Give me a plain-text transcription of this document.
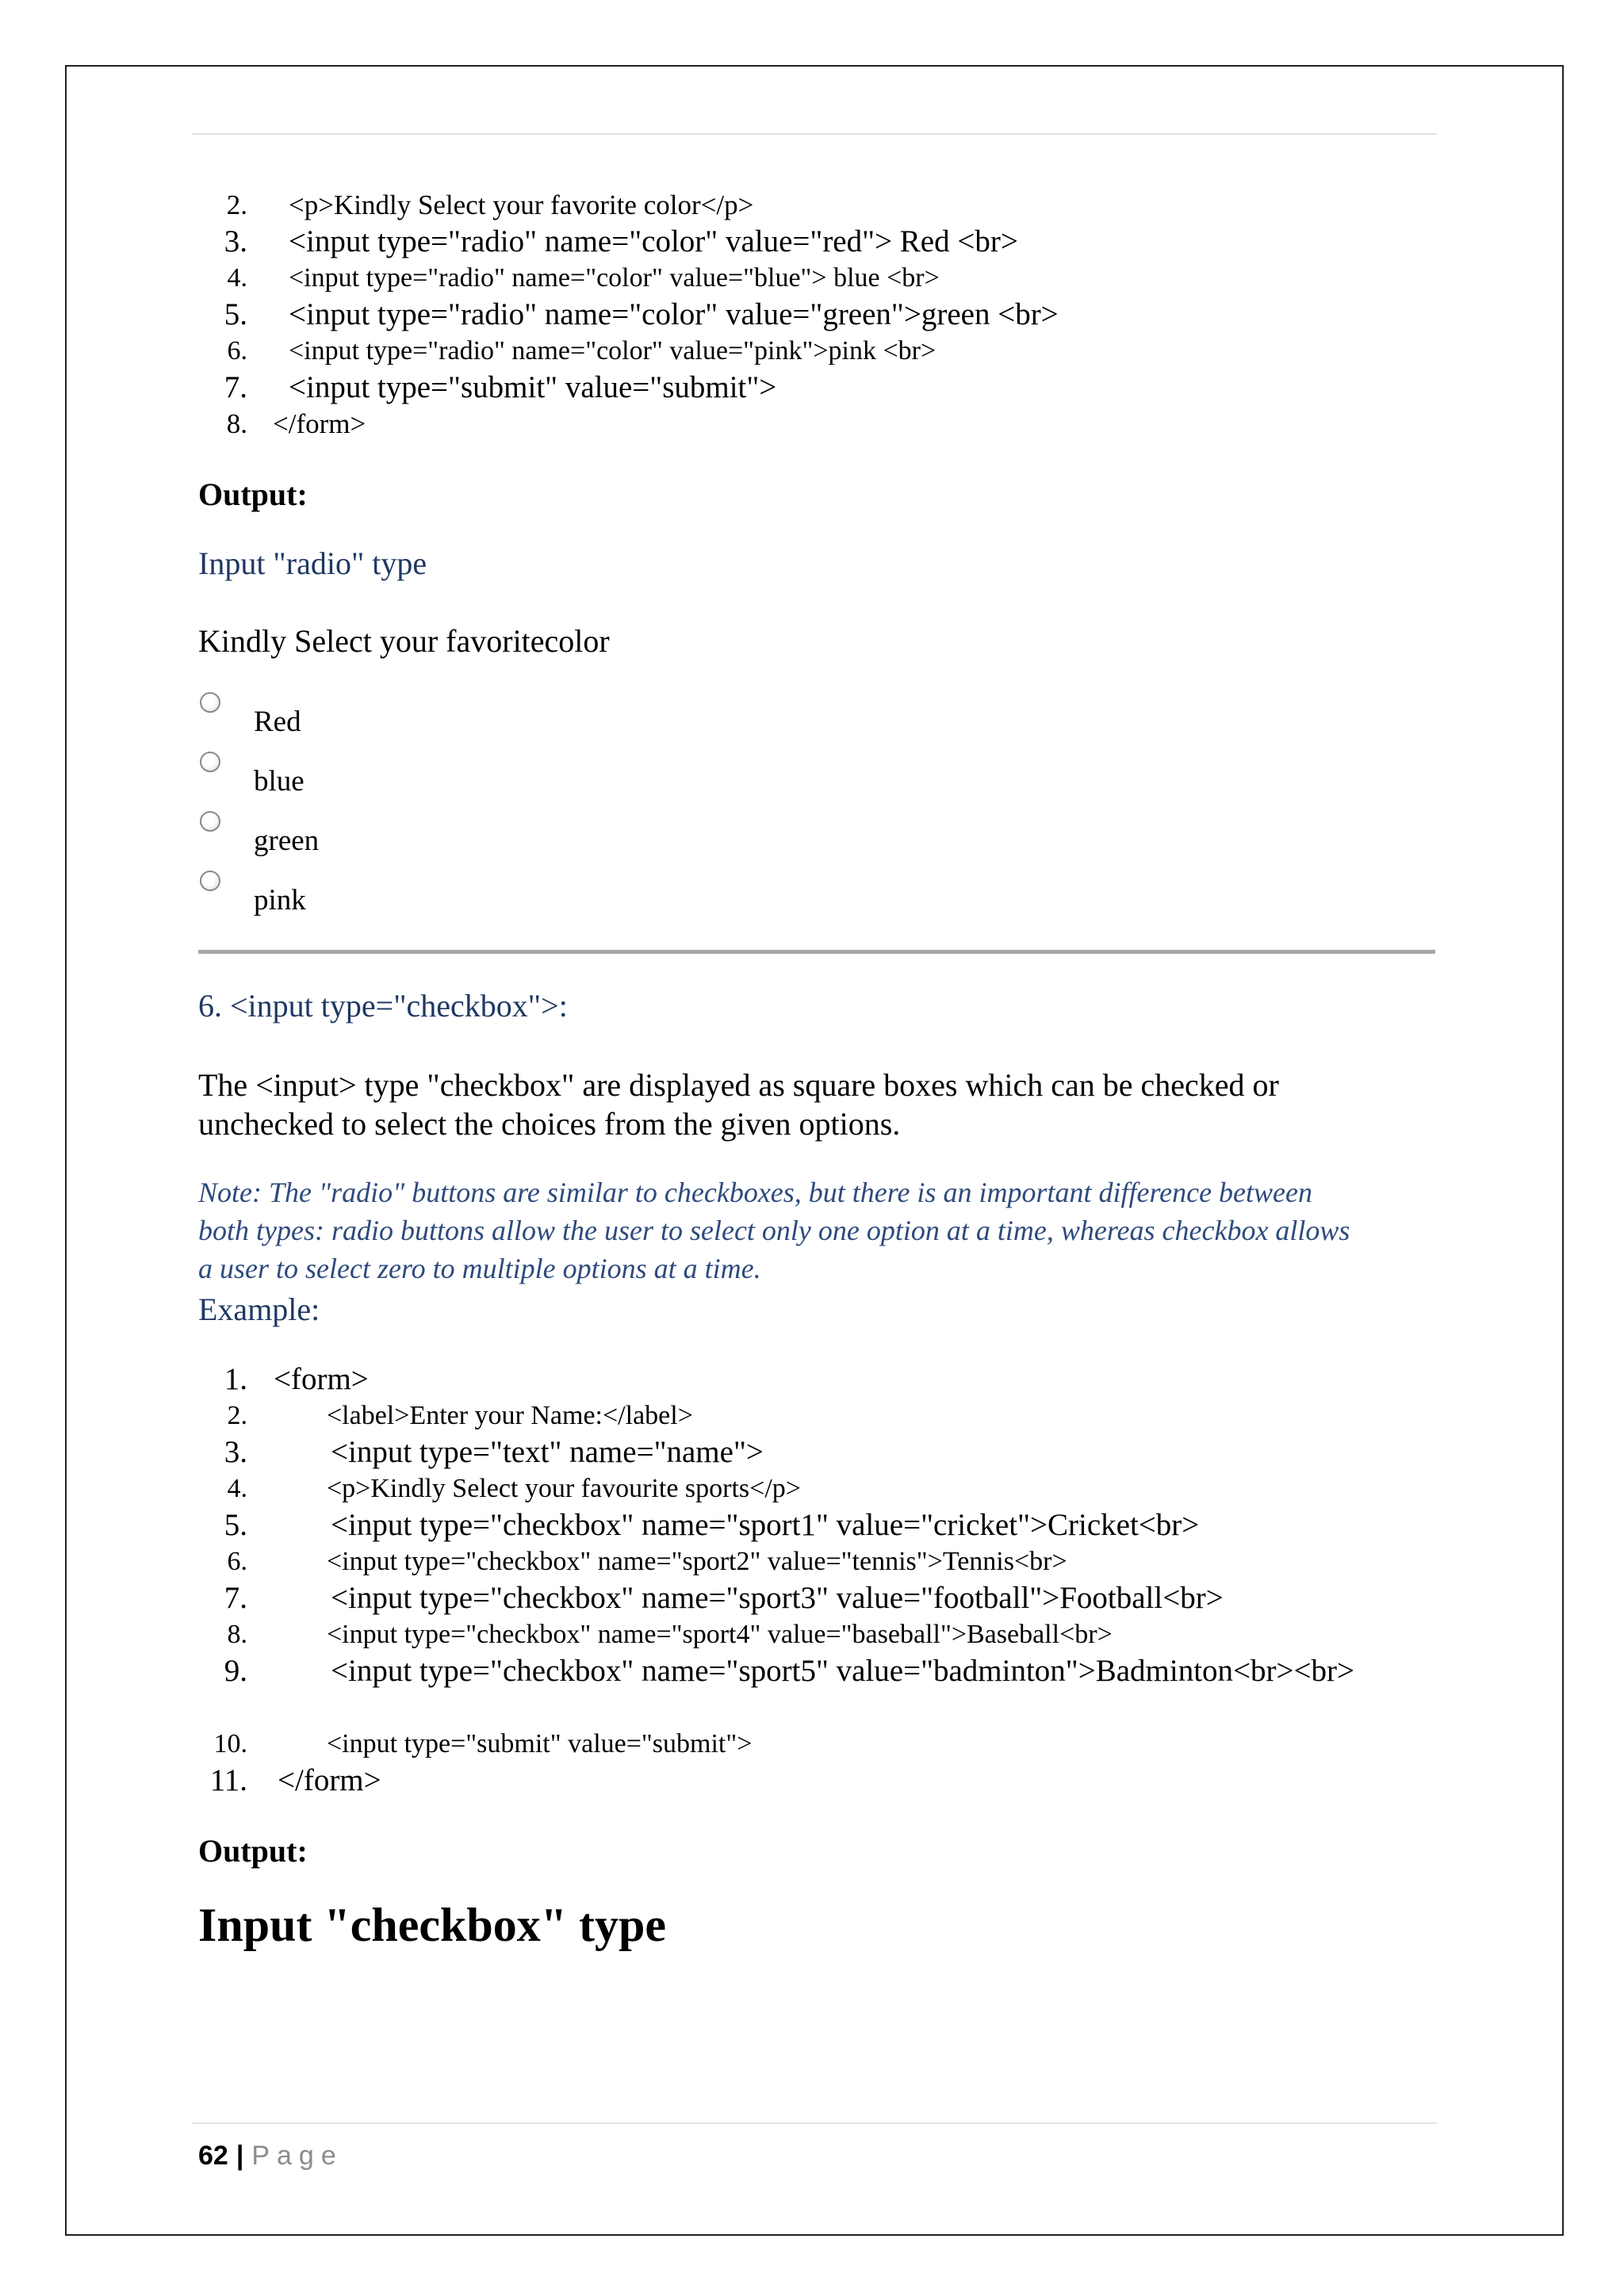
2.	<p>Kindly Select your favorite color</p>
3.	<input type="radio" name="color" value="red"> Red <br>
4.	<input type="radio" name="color" value="blue"> blue <br>
5.	<input type="radio" name="color" value="green">green <br>
6.	<input type="radio" name="color" value="pink">pink <br>
7.	<input type="submit" value="submit">
8. </form>

Output:

Input "radio" type

Kindly Select your favoritecolor

Red
blue
green
pink

6. <input type="checkbox">:

The <input> type "checkbox" are displayed as square boxes which can be checked or

unchecked to select the choices from the given options.

Note: The "radio" buttons are similar to checkboxes, but there is an important difference between

both types: radio buttons allow the user to select only one option at a time, whereas checkbox allows

a user to select zero to multiple options at a time.

Example:

1. <form>
2.	<label>Enter your Name:</label>
3.	<input type="text" name="name">
4.	<p>Kindly Select your favourite sports</p>
5.	<input type="checkbox" name="sport1" value="cricket">Cricket<br>
6.	<input type="checkbox" name="sport2" value="tennis">Tennis<br>
7.	<input type="checkbox" name="sport3" value="football">Football<br>
8.	<input type="checkbox" name="sport4" value="baseball">Baseball<br>
9.	<input type="checkbox" name="sport5" value="badminton">Badminton<br><br>
10.	<input type="submit" value="submit">
11. </form>

Output:

Input "checkbox" type

62 | Page
